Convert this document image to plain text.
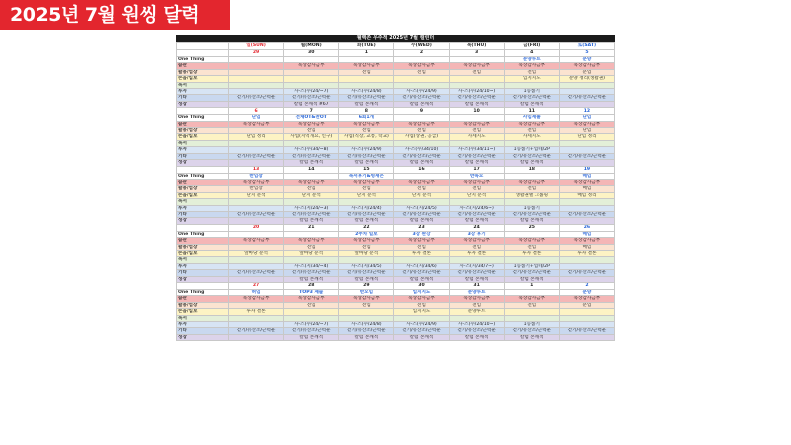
2025년 7월 원씽 달력
웰렉쓴 우주적 2025년 7월 캘린더
	일(SUN)	월(MON)	화(TUE)	수(WED)	목(THU)	금(FRI)	토(SAT)
	29	30	1	2	3	4	5
One Thing						분양루트	분양
습관		묵상감사금부	묵상감사금부	묵상감사금부	묵상감사금부	묵상감사금부	묵상감사금부
활용/업장			전임	전임	전임	전임	분업
손음/입보						입지지도	분양 정리(생활권)
독서							
투자		사-스(수/24/~7)	사-스(수/24/8)	사-스(수/24/9)	사-스(수/24/10~)	1등뽑기	
기타	걷기/유산소/근력운	걷기/유산소/근력운	걷기/유산소/근력운	걷기/유산소/근력운	걷기/유산소/근력운	걷기/유산소/근력운	걷기/유산소/근력운
성장		칼럼 본깨적 #67	칼럼 본깨적	칼럼 본깨적	칼럼 본깨적	칼럼 본깨적	
	6	7	8	9	10	11	12
One Thing	단임	전체OT&찬OT	6회1개			사임재솔	단임
습관	묵상감사금부	묵상감사금부	묵상감사금부	묵상감사금부	묵상감사금부	묵상감사금부	묵상감사금부
활용/업장		전임	전임	전임	전임	전임	단임
손음/입보	단임 정리	사업(지역개요, 인구)	사업(직장, 교통, 학교)	사업(상권, 공급)	사세지도	사세지도	단임 정리
독서							
투자		사-스(수/34/~8)	사-스(수/24/9)	사-스(수/34/10)	사-스(수/34/11~)	1등뽑기+업테/2P	
기타	걷기/유산소/근력운	걷기/유산소/근력운	걷기/유산소/근력운	걷기/유산소/근력운	걷기/유산소/근력운	걷기/유산소/근력운	걷기/유산소/근력운
성장		칼럼 본깨적	칼럼 본깨적	칼럼 본깨적	칼럼 본깨적	칼럼 본깨적	
	13	14	15	16	17	18	19
One Thing	반임장		독서후기&빙재은		반독모		매임
습관	묵상감사금부	묵상감사금부	묵상감사금부	묵상감사금부	묵상감사금부	묵상감사금부	묵상감사금부
활용/업장	반임장	전임	전임	전임	전임	전임	매임
손음/입보	단지 분석	단지 분석	단지 분석	단지 분석	단지 분석	생활권별 그룹핑	매임 정리
독서							
투자		사-스(지/24/~3)	사-스(지/24/4)	사-스(지/24/5)	사-스(지/24/6~)	1등뽑기	
기타	걷기/유산소/근력운	걷기/유산소/근력운	걷기/유산소/근력운	걷기/유산소/근력운	걷기/유산소/근력운	걷기/유산소/근력운	걷기/유산소/근력운
성장		칼럼 본깨적	칼럼 본깨적	칼럼 본깨적	칼럼 본깨적	칼럼 본깨적	
	20	21	22	23	24	25	26
One Thing			2주차 일보	3강 완강	3강 후기		매임
습관	묵상감사금부	묵상감사금부	묵상감사금부	묵상감사금부	묵상감사금부	묵상감사금부	묵상감사금부
활용/업장		전임	전임	전임	전임	전임	매임
손음/입보	앞마당 분석	앞마당 분석	앞마당 분석	투자 결론	투자 결론	투자 결론	투자 결론
독서							
투자		사-스(지/34/~4)	사-스(지/34/5)	사-스(지/34/6)	사-스(지/34/7~)	1등뽑기+업테/2P	
기타	걷기/유산소/근력운	걷기/유산소/근력운	걷기/유산소/근력운	걷기/유산소/근력운	걷기/유산소/근력운	걷기/유산소/근력운	걷기/유산소/근력운
성장		칼럼 본깨적	칼럼 본깨적	칼럼 본깨적	칼럼 본깨적	칼럼 본깨적	
	27	28	29	30	31	1	2
One Thing	허임	TOP3 제출	반모임	입지지도	분양루트		분양
습관	묵상감사금부	묵상감사금부	묵상감사금부	묵상감사금부	묵상감사금부	묵상감사금부	묵상감사금부
활용/업장		전임	전임	전임	전임	전임	분업
손음/입보	투자 결론			입지지도	분양루트		
독서							
투자		사-스(수/24/~7)	사-스(수/24/8)	사-스(수/24/9)	사-스(수/24/10~)	1등뽑기	
기타	걷기/유산소/근력운	걷기/유산소/근력운	걷기/유산소/근력운	걷기/유산소/근력운	걷기/유산소/근력운	걷기/유산소/근력운	걷기/유산소/근력운
성장		칼럼 본깨적	칼럼 본깨적	칼럼 본깨적	칼럼 본깨적	칼럼 본깨적	
